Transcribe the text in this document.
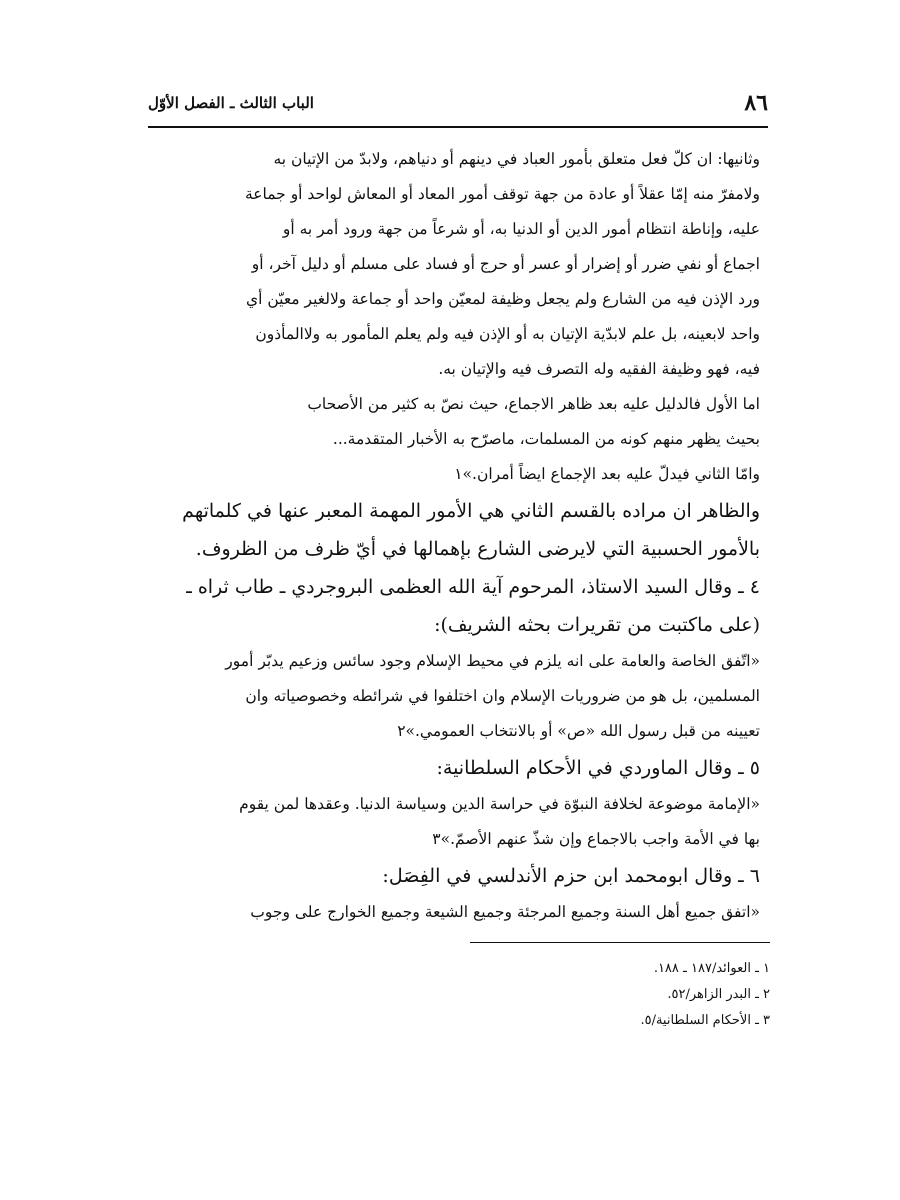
الباب الثالث ـ الفصل الأوّل	٨٦

وثانيها: ان كلّ فعل متعلق بأمور العباد في دينهم أو دنياهم، ولابدّ من الإتيان به

ولامفرّ منه إمّا عقلاً أو عادة من جهة توقف أمور المعاد أو المعاش لواحد أو جماعة

عليه، وإناطة انتظام أمور الدين أو الدنيا به، أو شرعاً من جهة ورود أمر به أو

اجماع أو نفي ضرر أو إضرار أو عسر أو حرج أو فساد على مسلم أو دليل آخر، أو

ورد الإذن فيه من الشارع ولم يجعل وظيفة لمعيّن واحد أو جماعة ولالغير معيّن أي

واحد لابعينه، بل علم لابدّية الإتيان به أو الإذن فيه ولم يعلم المأمور به ولاالمأذون

فيه، فهو وظيفة الفقيه وله التصرف فيه والإتيان به.

اما الأول فالدليل عليه بعد ظاهر الاجماع، حيث نصّ به كثير من الأصحاب

بحيث يظهر منهم كونه من المسلمات، ماصرّح به الأخبار المتقدمة...

وامّا الثاني فيدلّ عليه بعد الإجماع ايضاً أمران.»١

والظاهر ان مراده بالقسم الثاني هي الأمور المهمة المعبر عنها في كلماتهم

بالأمور الحسبية التي لايرضى الشارع بإهمالها في أيّ ظرف من الظروف.

٤ ـ وقال السيد الاستاذ، المرحوم آية الله العظمى البروجردي ـ طاب ثراه ـ

(على ماكتبت من تقريرات بحثه الشريف):

«اتّفق الخاصة والعامة على انه يلزم في محيط الإسلام وجود سائس وزعيم يدبّر أمور

المسلمين، بل هو من ضروريات الإسلام وان اختلفوا في شرائطه وخصوصياته وان

تعيينه من قبل رسول الله «ص» أو بالانتخاب العمومي.»٢

٥ ـ وقال الماوردي في الأحكام السلطانية:

«الإمامة موضوعة لخلافة النبوّة في حراسة الدين وسياسة الدنيا. وعقدها لمن يقوم

بها في الأمة واجب بالاجماع وإن شذّ عنهم الأصمّ.»٣

٦ ـ وقال ابومحمد ابن حزم الأندلسي في الفِصَل:

«اتفق جميع أهل السنة وجميع المرجئة وجميع الشيعة وجميع الخوارج على وجوب

١ ـ العوائد/١٨٧ ـ ١٨٨.

٢ ـ البدر الزاهر/٥٢.

٣ ـ الأحكام السلطانية/٥.
